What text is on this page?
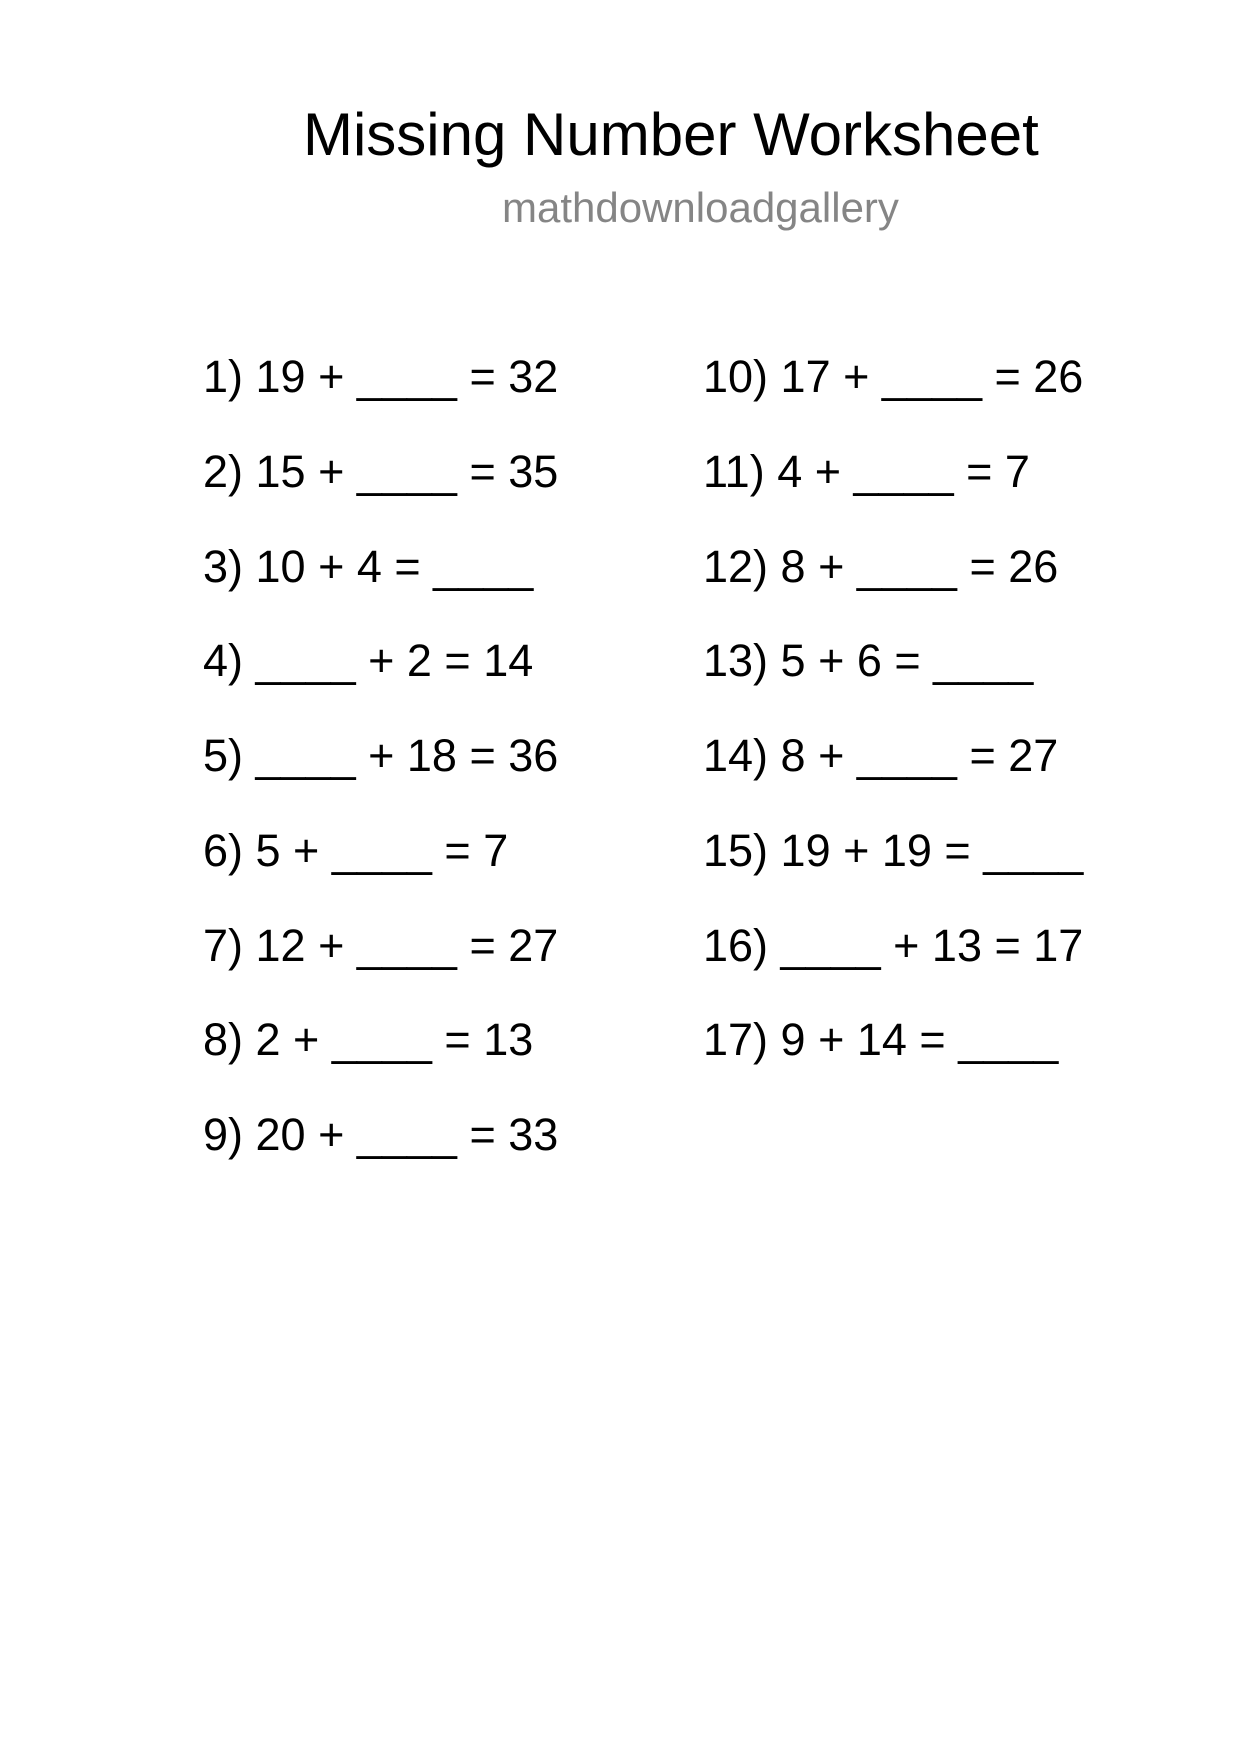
Missing Number Worksheet
mathdownloadgallery
1) 19 + ____ = 32
2) 15 + ____ = 35
3) 10 + 4 = ____
4) ____ + 2 = 14
5) ____ + 18 = 36
6) 5 + ____ = 7
7) 12 + ____ = 27
8) 2 + ____ = 13
9) 20 + ____ = 33
10) 17 + ____ = 26
11) 4 + ____ = 7
12) 8 + ____ = 26
13) 5 + 6 = ____
14) 8 + ____ = 27
15) 19 + 19 = ____
16) ____ + 13 = 17
17) 9 + 14 = ____
